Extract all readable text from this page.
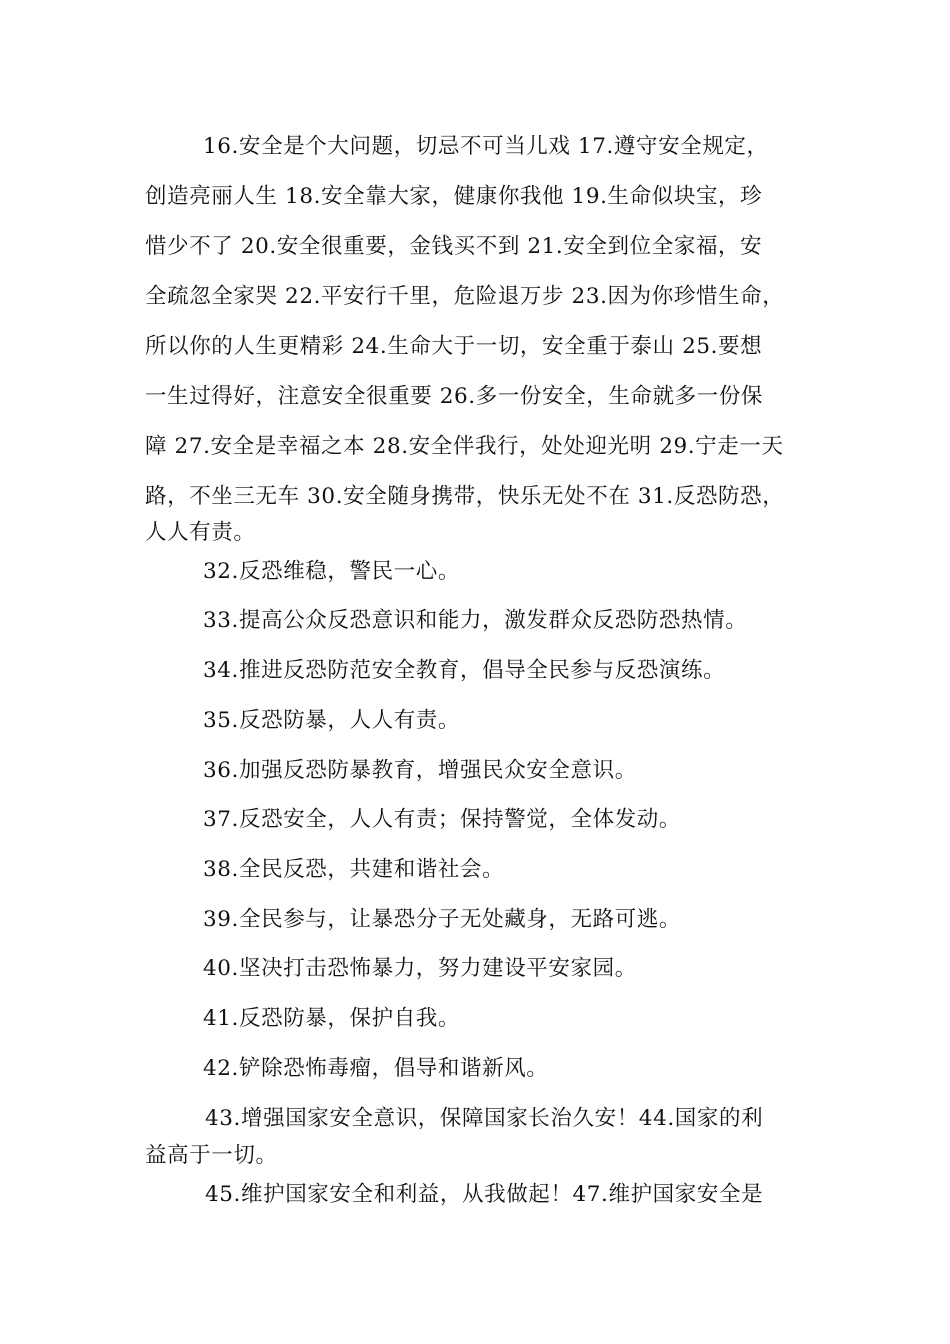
16.安全是个大问题，切忌不可当儿戏 17.遵守安全规定，
创造亮丽人生 18.安全靠大家，健康你我他 19.生命似块宝，珍
惜少不了 20.安全很重要，金钱买不到 21.安全到位全家福，安
全疏忽全家哭 22.平安行千里，危险退万步 23.因为你珍惜生命，
所以你的人生更精彩 24.生命大于一切，安全重于泰山 25.要想
一生过得好，注意安全很重要 26.多一份安全，生命就多一份保
障 27.安全是幸福之本 28.安全伴我行，处处迎光明 29.宁走一天
路，不坐三无车 30.安全随身携带，快乐无处不在 31.反恐防恐，
人人有责。
32.反恐维稳，警民一心。
33.提高公众反恐意识和能力，激发群众反恐防恐热情。
34.推进反恐防范安全教育，倡导全民参与反恐演练。
35.反恐防暴，人人有责。
36.加强反恐防暴教育，增强民众安全意识。
37.反恐安全，人人有责；保持警觉，全体发动。
38.全民反恐，共建和谐社会。
39.全民参与，让暴恐分子无处藏身，无路可逃。
40.坚决打击恐怖暴力，努力建设平安家园。
41.反恐防暴，保护自我。
42.铲除恐怖毒瘤，倡导和谐新风。
43.增强国家安全意识，保障国家长治久安！44.国家的利
益高于一切。
45.维护国家安全和利益，从我做起！47.维护国家安全是
